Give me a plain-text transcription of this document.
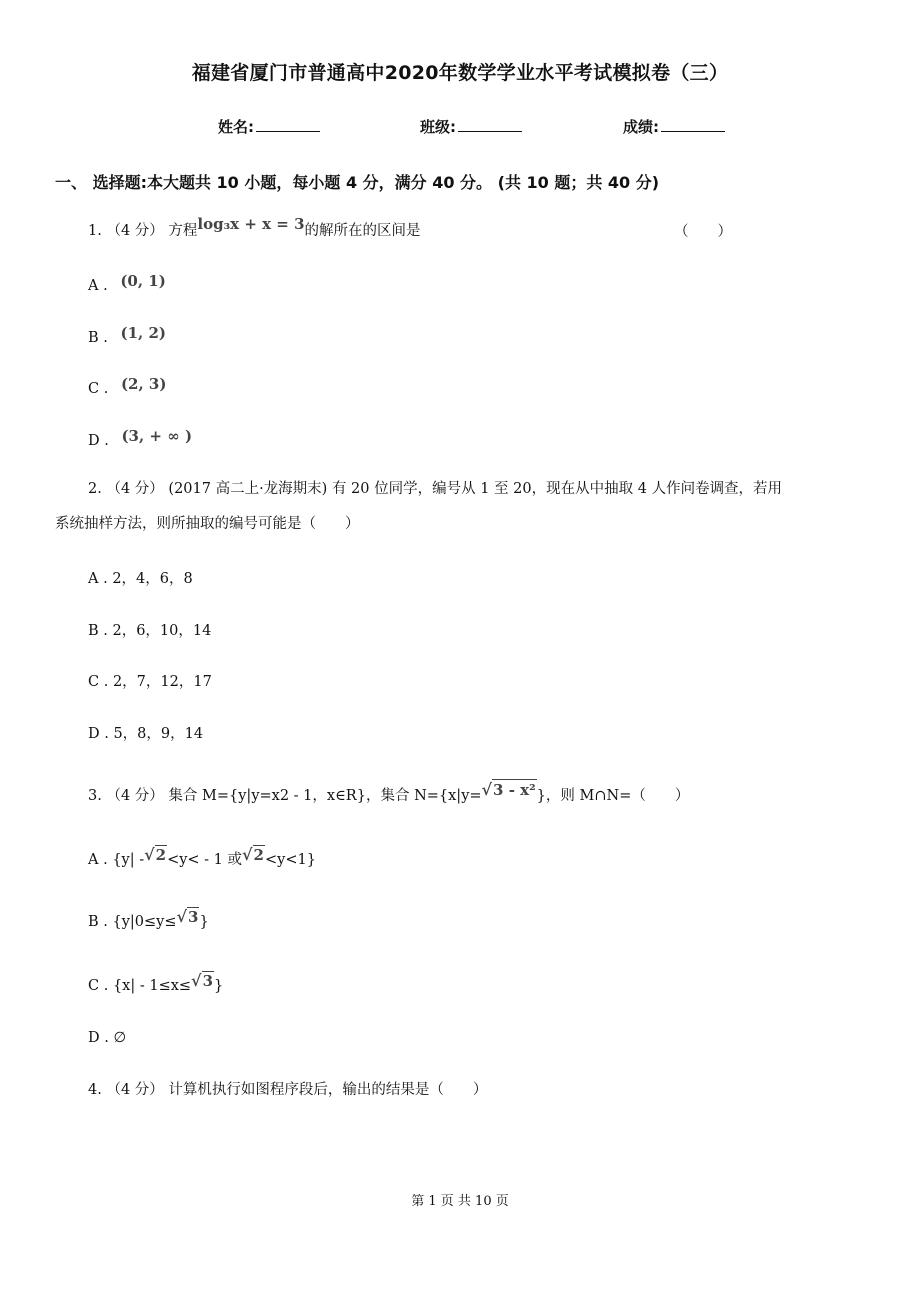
福建省厦门市普通高中2020年数学学业水平考试模拟卷（三）
姓名:	班级:	成绩:
一、 选择题:本大题共 10 小题，每小题 4 分，满分 40 分。 (共 10 题；共 40 分)
1. （4 分） 方程log₃x + x = 3的解所在的区间是	（　　）
A . (0, 1)
B . (1, 2)
C . (2, 3)
D . (3, + ∞ )
2. （4 分） (2017 高二上·龙海期末) 有 20 位同学，编号从 1 至 20，现在从中抽取 4 人作问卷调查，若用
系统抽样方法，则所抽取的编号可能是（　　）
A . 2，4，6，8
B . 2，6，10，14
C . 2，7，12，17
D . 5，8，9，14
3. （4 分） 集合 M={y|y=x2 - 1，x∈R}，集合 N={x|y=√3 - x²}，则 M∩N=（　　）
A . {y| -√2<y< - 1 或√2<y<1}
B . {y|0≤y≤√3}
C . {x| - 1≤x≤√3}
D . ∅
4. （4 分） 计算机执行如图程序段后，输出的结果是（　　）
第 1 页 共 10 页
